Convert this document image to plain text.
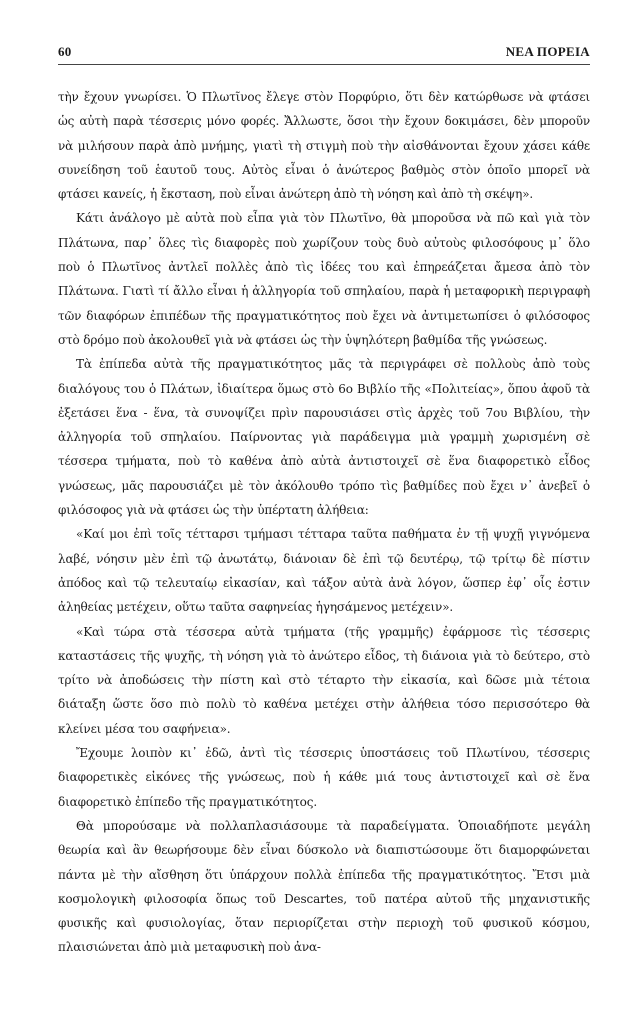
60	ΝΕΑ ΠΟΡΕΙΑ

τὴν ἔχουν γνωρίσει. Ὁ Πλωτῖνος ἔλεγε στὸν Πορφύριο, ὅτι δὲν κατώρθωσε νὰ φτάσει ὡς αὐτὴ παρὰ τέσσερις μόνο φορές. Ἄλλωστε, ὅσοι τὴν ἔχουν δοκιμάσει, δὲν μποροῦν νὰ μιλήσουν παρὰ ἀπὸ μνήμης, γιατὶ τὴ στιγμὴ ποὺ τὴν αἰσθάνονται ἔχουν χάσει κάθε συνείδηση τοῦ ἑαυτοῦ τους. Αὐτὸς εἶναι ὁ ἀνώτερος βαθμὸς στὸν ὁποῖο μπορεῖ νὰ φτάσει κανείς, ἡ ἔκσταση, ποὺ εἶναι ἀνώτερη ἀπὸ τὴ νόηση καὶ ἀπὸ τὴ σκέψη».

Κάτι ἀνάλογο μὲ αὐτὰ ποὺ εἶπα γιὰ τὸν Πλωτῖνο, θὰ μποροῦσα νὰ πῶ καὶ γιὰ τὸν Πλάτωνα, παρ᾽ ὅλες τὶς διαφορὲς ποὺ χωρίζουν τοὺς δυὸ αὐτοὺς φιλοσόφους μ᾽ ὅλο ποὺ ὁ Πλωτῖνος ἀντλεῖ πολλὲς ἀπὸ τὶς ἰδέες του καὶ ἐπηρεάζεται ἄμεσα ἀπὸ τὸν Πλάτωνα. Γιατὶ τί ἄλλο εἶναι ἡ ἀλληγορία τοῦ σπηλαίου, παρὰ ἡ μεταφορικὴ περιγραφὴ τῶν διαφόρων ἐπιπέδων τῆς πραγματικότητος ποὺ ἔχει νὰ ἀντιμετωπίσει ὁ φιλόσοφος στὸ δρόμο ποὺ ἀκολουθεῖ γιὰ νὰ φτάσει ὡς τὴν ὑψηλότερη βαθμίδα τῆς γνώσεως.

Τὰ ἐπίπεδα αὐτὰ τῆς πραγματικότητος μᾶς τὰ περιγράφει σὲ πολλοὺς ἀπὸ τοὺς διαλόγους του ὁ Πλάτων, ἰδιαίτερα ὅμως στὸ 6ο Βιβλίο τῆς «Πολιτείας», ὅπου ἀφοῦ τὰ ἐξετάσει ἕνα - ἕνα, τὰ συνοψίζει πρὶν παρουσιάσει στὶς ἀρχὲς τοῦ 7ου Βιβλίου, τὴν ἀλληγορία τοῦ σπηλαίου. Παίρνοντας γιὰ παράδειγμα μιὰ γραμμὴ χωρισμένη σὲ τέσσερα τμήματα, ποὺ τὸ καθένα ἀπὸ αὐτὰ ἀντιστοιχεῖ σὲ ἕνα διαφορετικὸ εἶδος γνώσεως, μᾶς παρουσιάζει μὲ τὸν ἀκόλουθο τρόπο τὶς βαθμίδες ποὺ ἔχει ν᾽ ἀνεβεῖ ὁ φιλόσοφος γιὰ νὰ φτάσει ὡς τὴν ὑπέρτατη ἀλήθεια:

«Καί μοι ἐπὶ τοῖς τέτταρσι τμήμασι τέτταρα ταῦτα παθήματα ἐν τῇ ψυχῇ γιγνόμενα λαβέ, νόησιν μὲν ἐπὶ τῷ ἀνωτάτῳ, διάνοιαν δὲ ἐπὶ τῷ δευτέρῳ, τῷ τρίτῳ δὲ πίστιν ἀπόδος καὶ τῷ τελευταίῳ εἰκασίαν, καὶ τάξον αὐτὰ ἀνὰ λόγον, ὥσπερ ἐφ᾽ οἷς ἐστιν ἀληθείας μετέχειν, οὕτω ταῦτα σαφηνείας ἡγησάμενος μετέχειν».

«Καὶ τώρα στὰ τέσσερα αὐτὰ τμήματα (τῆς γραμμῆς) ἐφάρμοσε τὶς τέσσερις καταστάσεις τῆς ψυχῆς, τὴ νόηση γιὰ τὸ ἀνώτερο εἶδος, τὴ διάνοια γιὰ τὸ δεύτερο, στὸ τρίτο νὰ ἀποδώσεις τὴν πίστη καὶ στὸ τέταρτο τὴν εἰκασία, καὶ δῶσε μιὰ τέτοια διάταξη ὥστε ὅσο πιὸ πολὺ τὸ καθένα μετέχει στὴν ἀλήθεια τόσο περισσότερο θὰ κλείνει μέσα του σαφήνεια».

Ἔχουμε λοιπὸν κι᾽ ἐδῶ, ἀντὶ τὶς τέσσερις ὑποστάσεις τοῦ Πλωτίνου, τέσσερις διαφορετικὲς εἰκόνες τῆς γνώσεως, ποὺ ἡ κάθε μιά τους ἀντιστοιχεῖ καὶ σὲ ἕνα διαφορετικὸ ἐπίπεδο τῆς πραγματικότητος.

Θὰ μπορούσαμε νὰ πολλαπλασιάσουμε τὰ παραδείγματα. Ὁποιαδήποτε μεγάλη θεωρία καὶ ἂν θεωρήσουμε δὲν εἶναι δύσκολο νὰ διαπιστώσουμε ὅτι διαμορφώνεται πάντα μὲ τὴν αἴσθηση ὅτι ὑπάρχουν πολλὰ ἐπίπεδα τῆς πραγματικότητος. Ἔτσι μιὰ κοσμολογικὴ φιλοσοφία ὅπως τοῦ Descartes, τοῦ πατέρα αὐτοῦ τῆς μηχανιστικῆς φυσικῆς καὶ φυσιολογίας, ὅταν περιορίζεται στὴν περιοχὴ τοῦ φυσικοῦ κόσμου, πλαισιώνεται ἀπὸ μιὰ μεταφυσικὴ ποὺ ἀνα-
